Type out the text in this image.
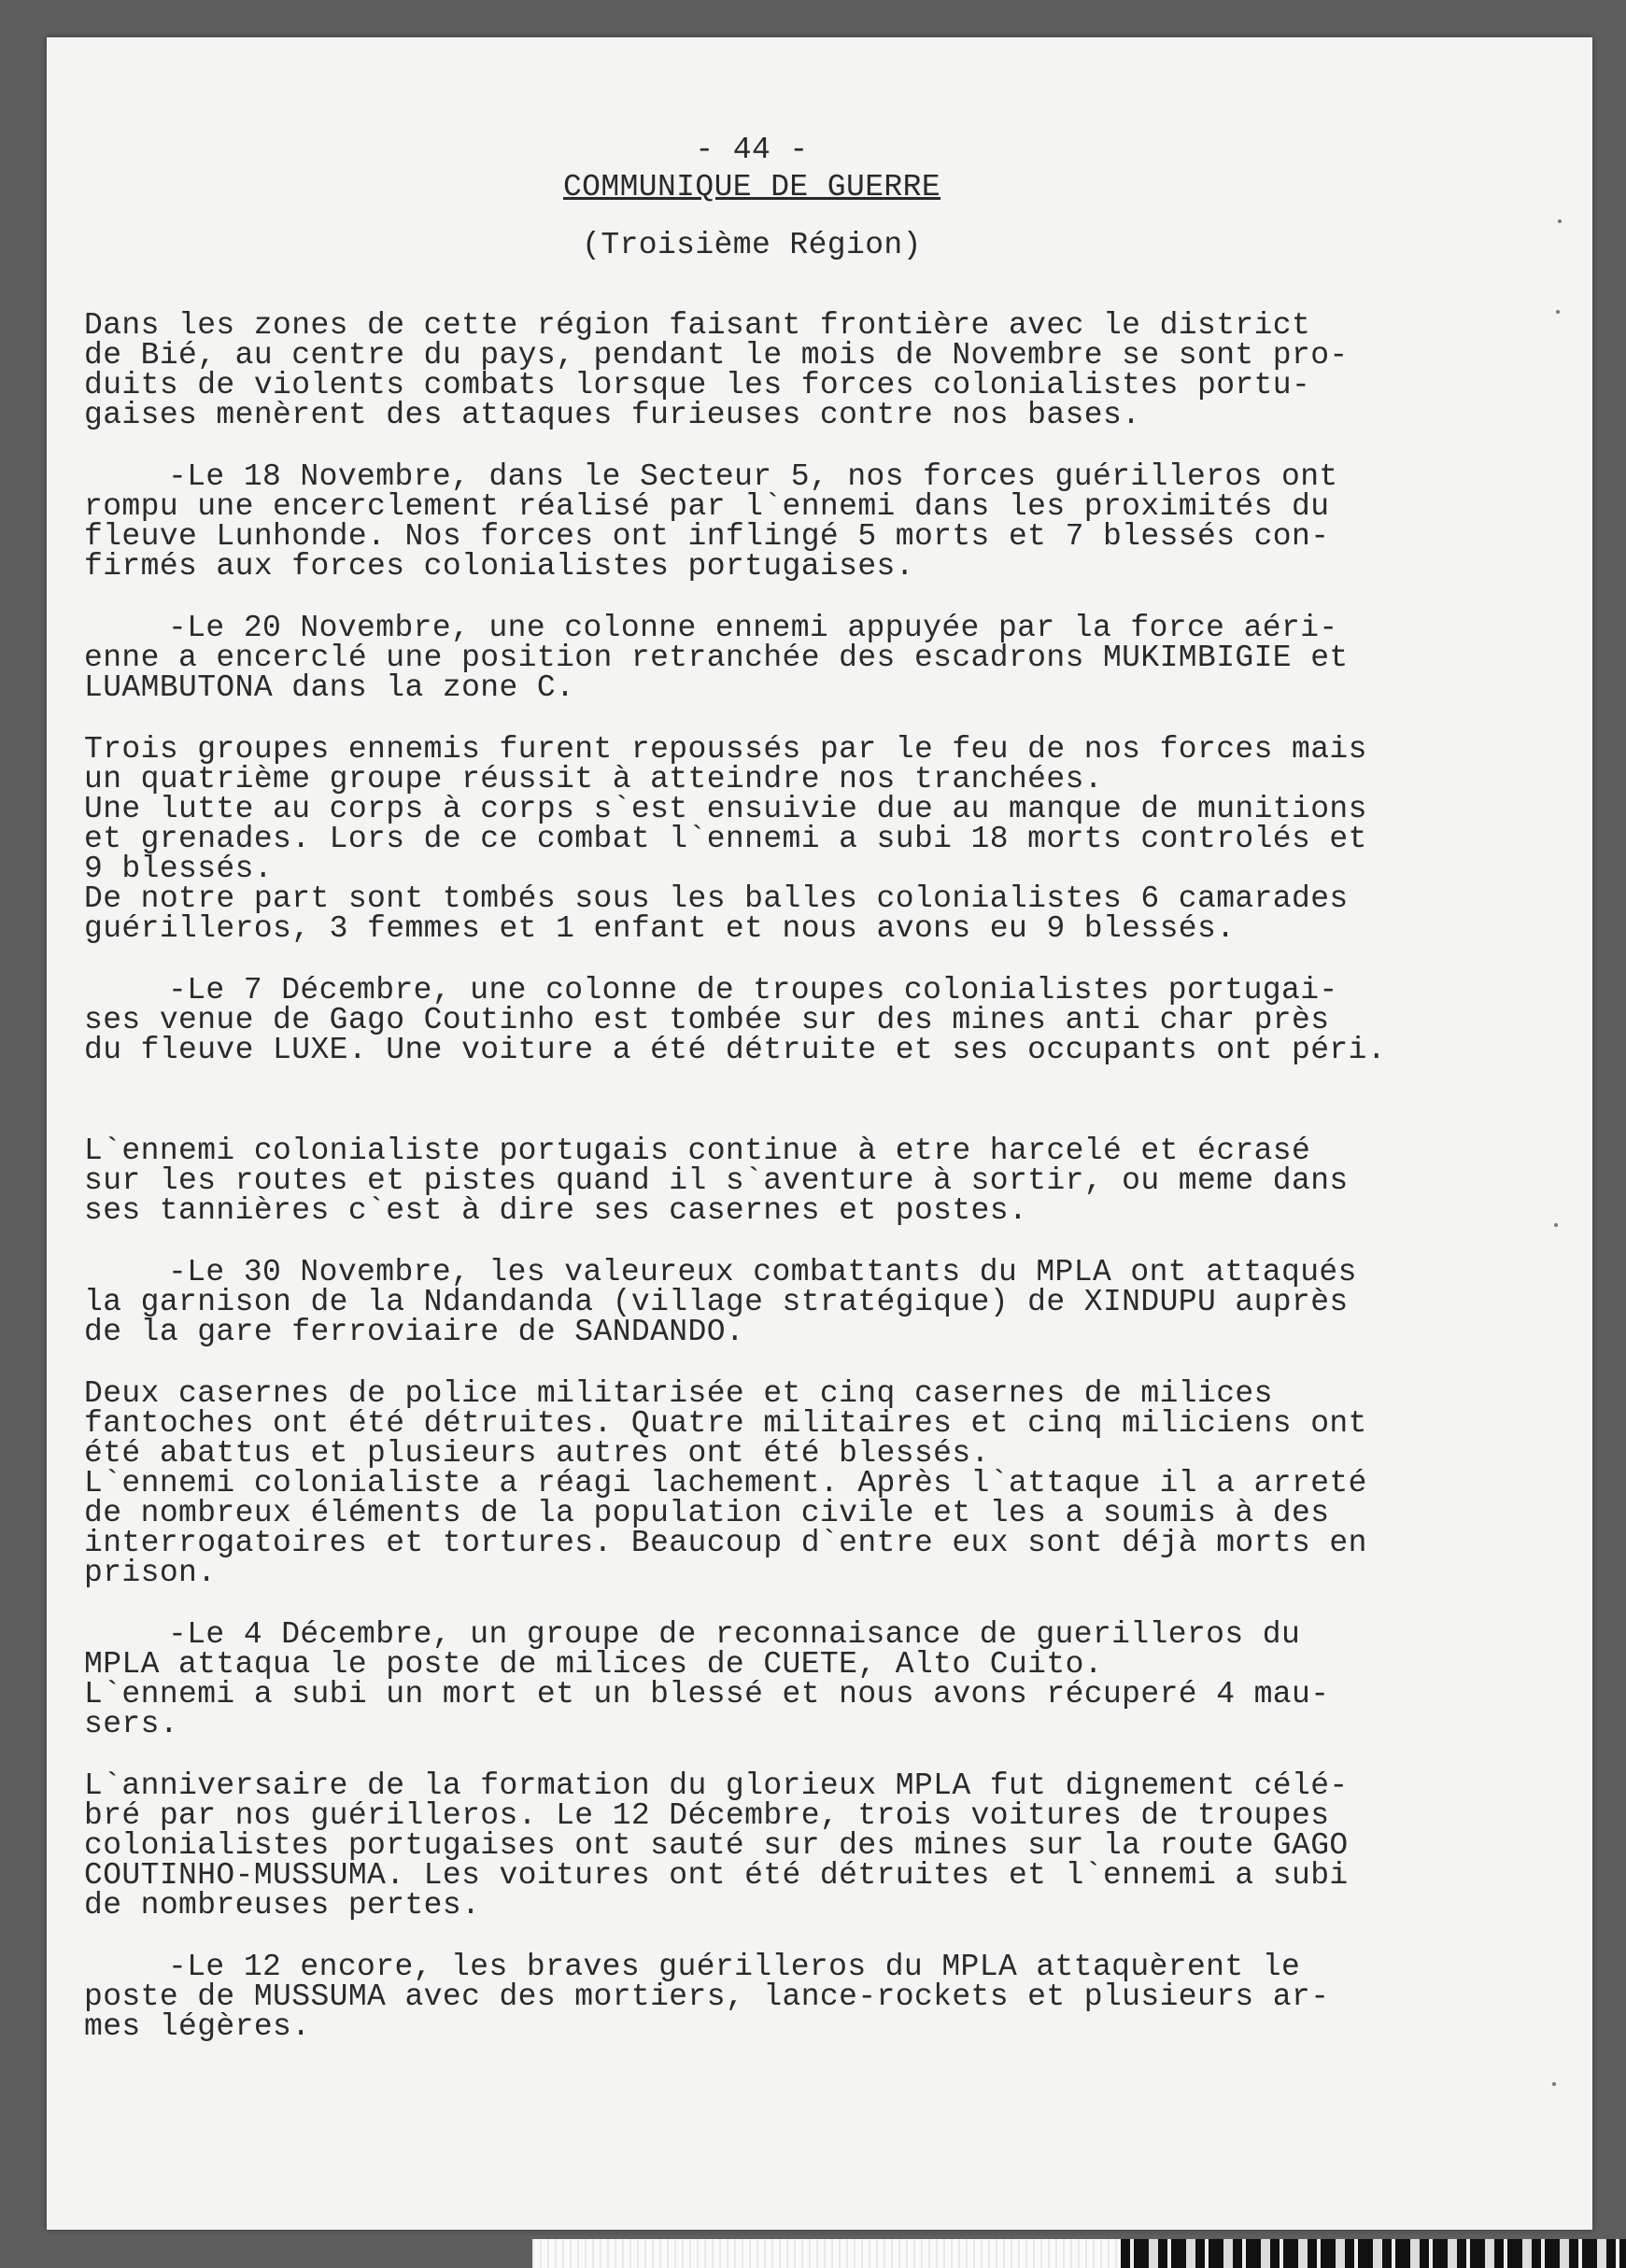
- 44 -
COMMUNIQUE DE GUERRE
(Troisième Région)
Dans les zones de cette région faisant frontière avec le district
de Bié, au centre du pays, pendant le mois de Novembre se sont pro-
duits de violents combats lorsque les forces colonialistes portu-
gaises menèrent des attaques furieuses contre nos bases.
-Le 18 Novembre, dans le Secteur 5, nos forces guérilleros ont
rompu une encerclement réalisé par l`ennemi dans les proximités du
fleuve Lunhonde. Nos forces ont inflingé 5 morts et 7 blessés con-
firmés aux forces colonialistes portugaises.
-Le 20 Novembre, une colonne ennemi appuyée par la force aéri-
enne a encerclé une position retranchée des escadrons MUKIMBIGIE et
LUAMBUTONA dans la zone C.
Trois groupes ennemis furent repoussés par le feu de nos forces mais
un quatrième groupe réussit à atteindre nos tranchées.
Une lutte au corps à corps s`est ensuivie due au manque de munitions
et grenades. Lors de ce combat l`ennemi a subi 18 morts controlés et
9 blessés.
De notre part sont tombés sous les balles colonialistes 6 camarades
guérilleros, 3 femmes et 1 enfant et nous avons eu 9 blessés.
-Le 7 Décembre, une colonne de troupes colonialistes portugai-
ses venue de Gago Coutinho est tombée sur des mines anti char près
du fleuve LUXE. Une voiture a été détruite et ses occupants ont péri.
L`ennemi colonialiste portugais continue à etre harcelé et écrasé
sur les routes et pistes quand il s`aventure à sortir, ou meme dans
ses tannières c`est à dire ses casernes et postes.
-Le 30 Novembre, les valeureux combattants du MPLA ont attaqués
la garnison de la Ndandanda (village stratégique) de XINDUPU auprès
de la gare ferroviaire de SANDANDO.
Deux casernes de police militarisée et cinq casernes de milices
fantoches ont été détruites. Quatre militaires et cinq miliciens ont
été abattus et plusieurs autres ont été blessés.
L`ennemi colonialiste a réagi lachement. Après l`attaque il a arreté
de nombreux éléments de la population civile et les a soumis à des
interrogatoires et tortures. Beaucoup d`entre eux sont déjà morts en
prison.
-Le 4 Décembre, un groupe de reconnaisance de guerilleros du
MPLA attaqua le poste de milices de CUETE, Alto Cuito.
L`ennemi a subi un mort et un blessé et nous avons récuperé 4 mau-
sers.
L`anniversaire de la formation du glorieux MPLA fut dignement célé-
bré par nos guérilleros. Le 12 Décembre, trois voitures de troupes
colonialistes portugaises ont sauté sur des mines sur la route GAGO
COUTINHO-MUSSUMA. Les voitures ont été détruites et l`ennemi a subi
de nombreuses pertes.
-Le 12 encore, les braves guérilleros du MPLA attaquèrent le
poste de MUSSUMA avec des mortiers, lance-rockets et plusieurs ar-
mes légères.
